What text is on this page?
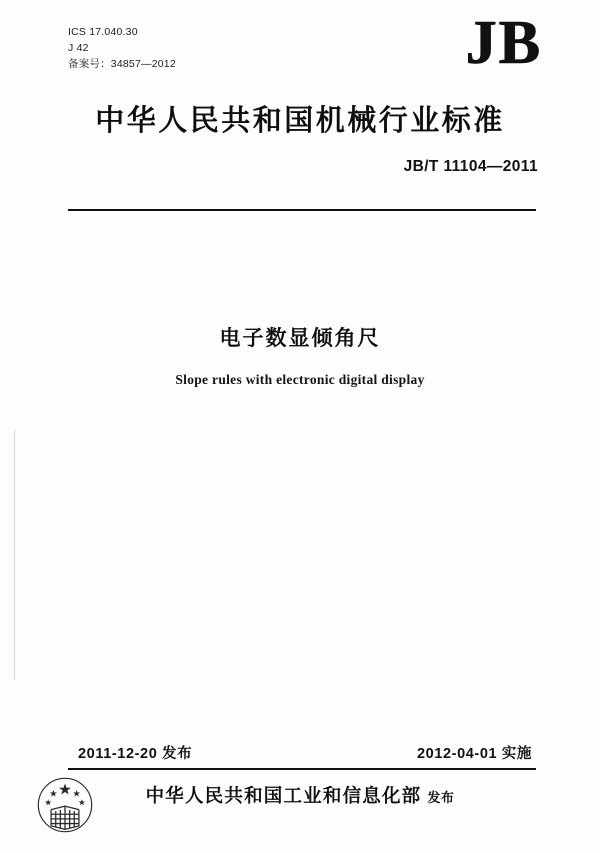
ICS 17.040.30
J 42
备案号：34857—2012	JB
中华人民共和国机械行业标准
JB/T 11104—2011
电子数显倾角尺
Slope rules with electronic digital display
2011-12-20 发布	2012-04-01 实施
中华人民共和国工业和信息化部 发布
